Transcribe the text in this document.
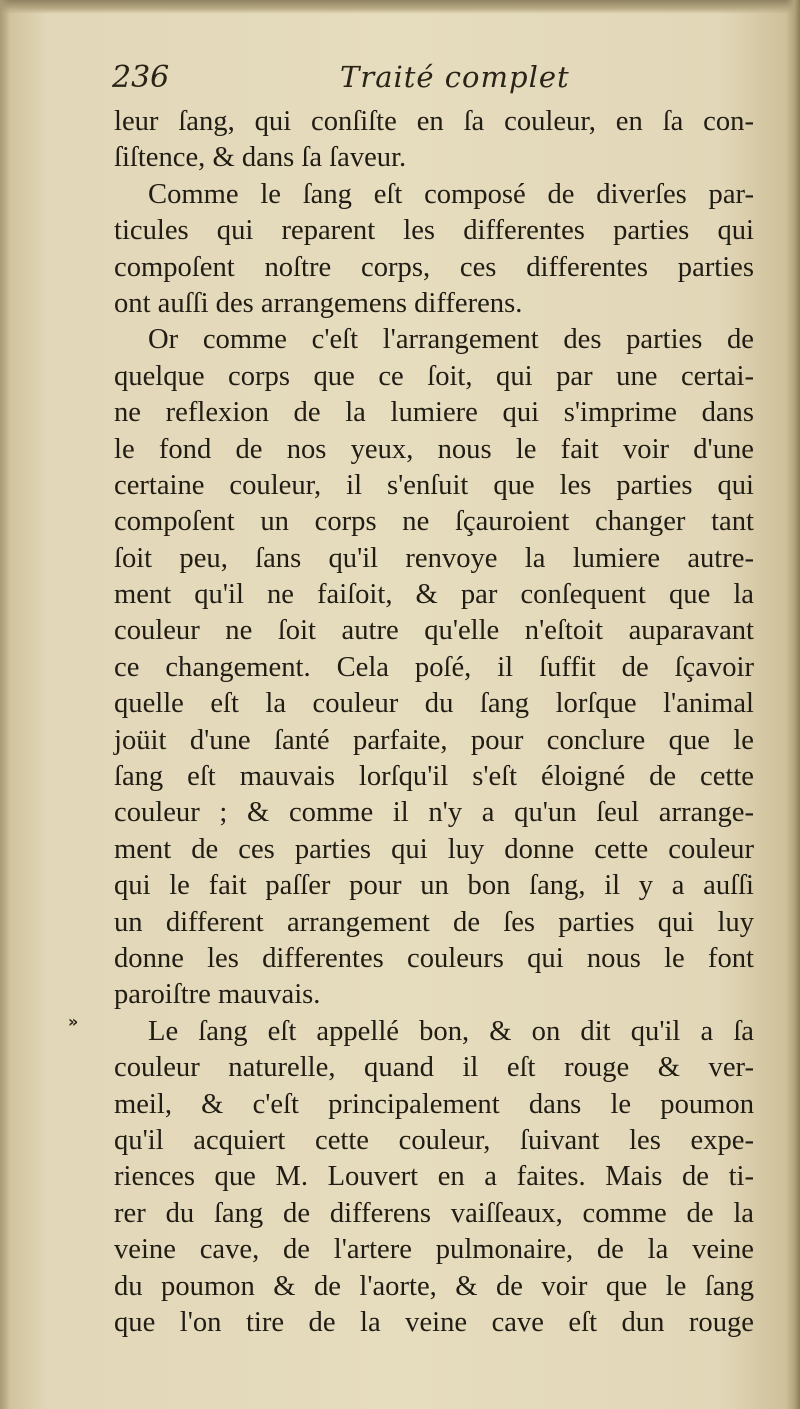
236	Traité complet
»
leur ſang, qui conſiſte en ſa couleur, en ſa con-
ſiſtence, & dans ſa ſaveur.
Comme le ſang eſt composé de diverſes par-
ticules qui reparent les differentes parties qui
compoſent noſtre corps, ces differentes parties
ont auſſi des arrangemens differens.
Or comme c'eſt l'arrangement des parties de
quelque corps que ce ſoit, qui par une certai-
ne reflexion de la lumiere qui s'imprime dans
le fond de nos yeux, nous le fait voir d'une
certaine couleur, il s'enſuit que les parties qui
compoſent un corps ne ſçauroient changer tant
ſoit peu, ſans qu'il renvoye la lumiere autre-
ment qu'il ne faiſoit, & par conſequent que la
couleur ne ſoit autre qu'elle n'eſtoit auparavant
ce changement. Cela poſé, il ſuffit de ſçavoir
quelle eſt la couleur du ſang lorſque l'animal
joüit d'une ſanté parfaite, pour conclure que le
ſang eſt mauvais lorſqu'il s'eſt éloigné de cette
couleur ; & comme il n'y a qu'un ſeul arrange-
ment de ces parties qui luy donne cette couleur
qui le fait paſſer pour un bon ſang, il y a auſſi
un different arrangement de ſes parties qui luy
donne les differentes couleurs qui nous le font
paroiſtre mauvais.
Le ſang eſt appellé bon, & on dit qu'il a ſa
couleur naturelle, quand il eſt rouge & ver-
meil, & c'eſt principalement dans le poumon
qu'il acquiert cette couleur, ſuivant les expe-
riences que M. Louvert en a faites. Mais de ti-
rer du ſang de differens vaiſſeaux, comme de la
veine cave, de l'artere pulmonaire, de la veine
du poumon & de l'aorte, & de voir que le ſang
que l'on tire de la veine cave eſt dun rouge
